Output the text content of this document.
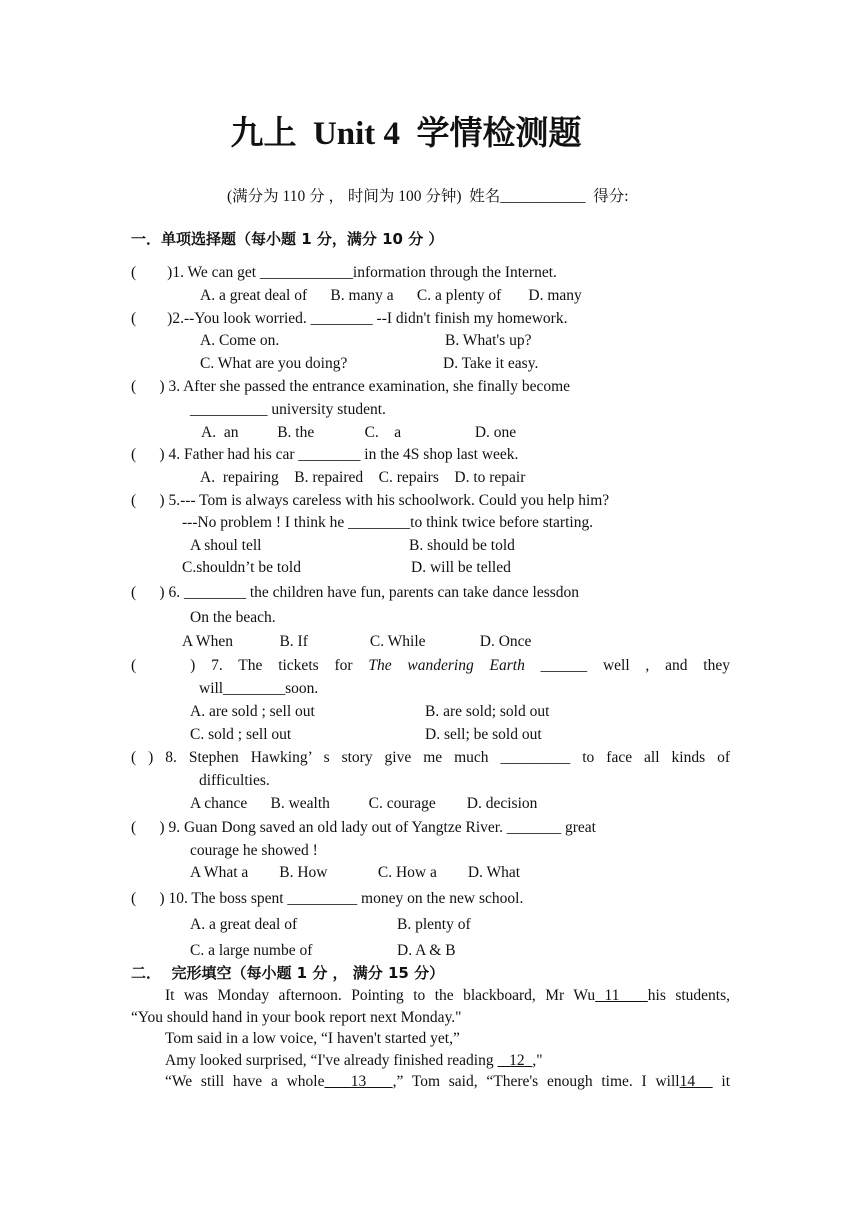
九上  Unit 4  学情检测题
(满分为 110 分 ， 时间为 100 分钟)  姓名___________  得分:
一．单项选择题（每小题 1 分，满分 10 分 ）
(        )1. We can get ____________information through the Internet.
A. a great deal of      B. many a      C. a plenty of       D. many
(        )2.--You look worried. ________ --I didn't finish my homework.
A. Come on.	B. What's up?
C. What are you doing?	D. Take it easy.
(      ) 3. After she passed the entrance examination, she finally become
__________ university student.
A.  an          B. the             C.    a                   D. one
(      ) 4. Father had his car ________ in the 4S shop last week.
A.  repairing    B. repaired    C. repairs    D. to repair
(      ) 5.--- Tom is always careless with his schoolwork. Could you help him?
---No problem ! I think he ________to think twice before starting.
A shoul tell	B. should be told
C.shouldn’t be told	D. will be telled
(      ) 6. ________ the children have fun, parents can take dance lessdon
On the beach.
A When            B. If                C. While              D. Once
(	) 7. The tickets for The wandering Earth ______ well , and they
will________soon.
A. are sold ; sell out	B. are sold; sold out
C. sold ; sell out	D. sell; be sold out
( ) 8. Stephen Hawking’ s story give me much _________ to face all kinds of
difficulties.
A chance      B. wealth          C. courage        D. decision
(      ) 9. Guan Dong saved an old lady out of Yangtze River. _______ great
courage he showed !
A What a        B. How             C. How a        D. What
(      ) 10. The boss spent _________ money on the new school.
A. a great deal of	B. plenty of
C. a large numbe of	D. A & B
二．  完形填空（每小题 1 分 ， 满分 15 分）
It was Monday afternoon. Pointing to the blackboard, Mr Wu 11 his students,
“You should hand in your book report next Monday."
Tom said in a low voice, “I haven't started yet,”
Amy looked surprised, “I've already finished reading    12 ,"
“We still have a whole 13 ,” Tom said, “There's enough time. I will14   it
